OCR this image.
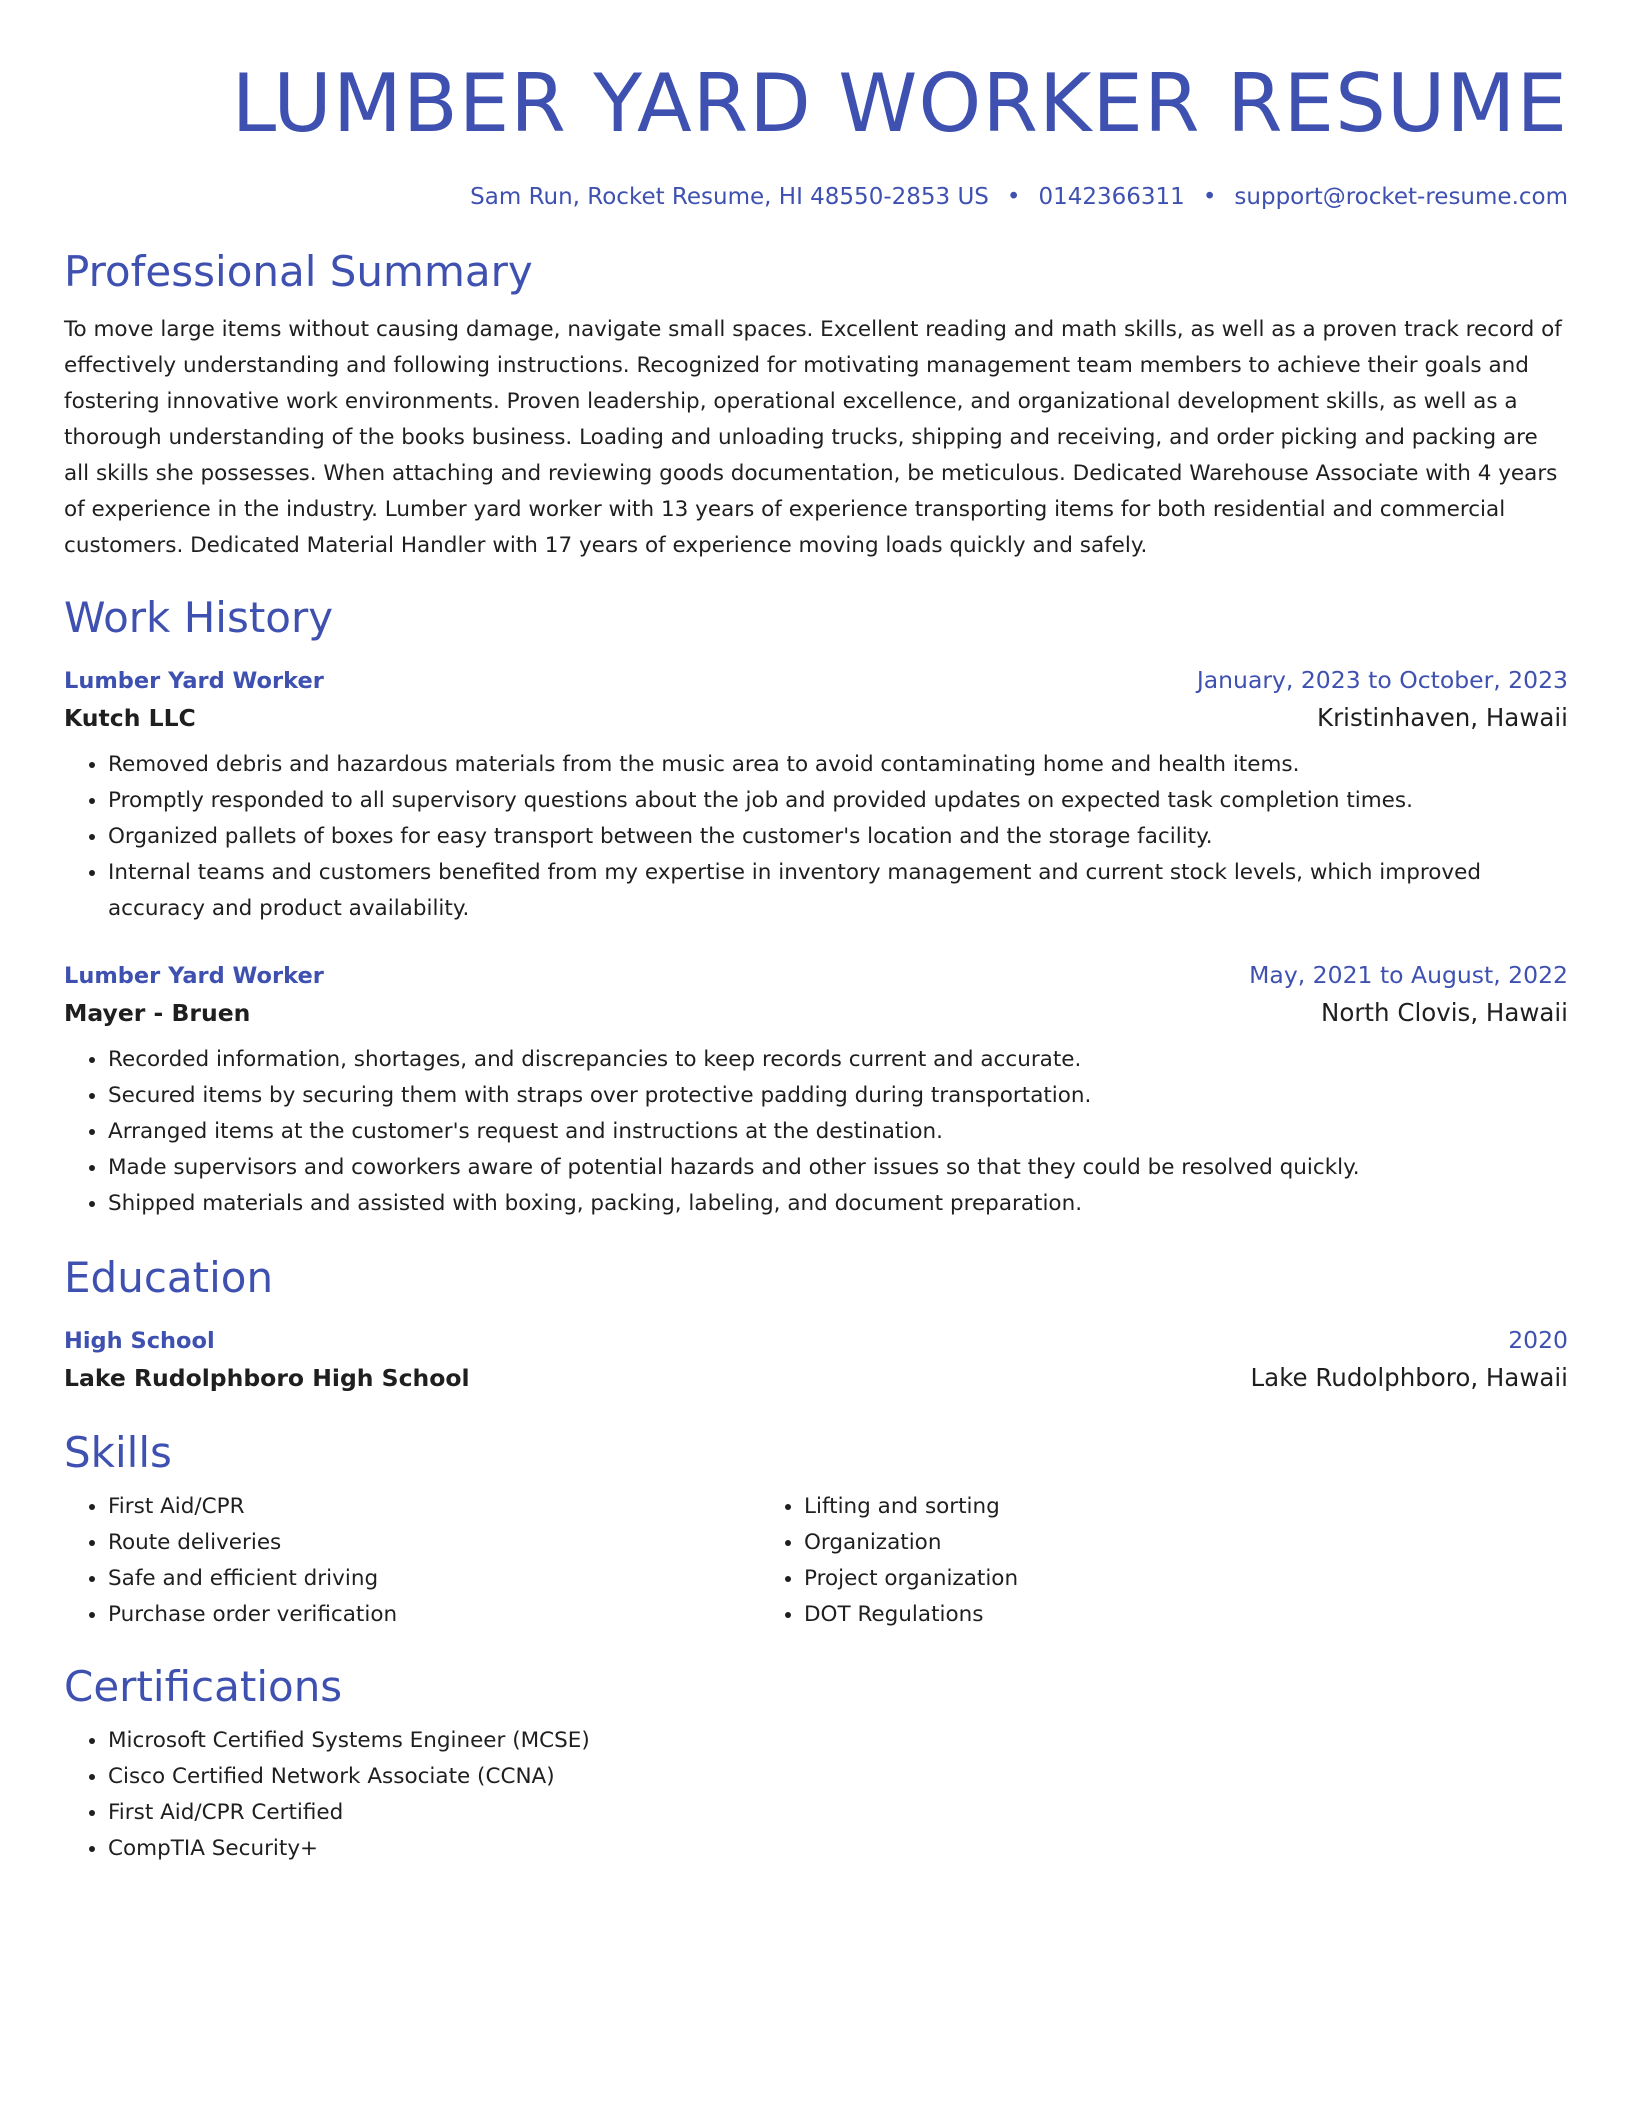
LUMBER YARD WORKER RESUME
Sam Run, Rocket Resume, HI 48550-2853 US • 0142366311 • support@rocket-resume.com
Professional Summary

To move large items without causing damage, navigate small spaces. Excellent reading and math skills, as well as a proven track record of effectively understanding and following instructions. Recognized for motivating management team members to achieve their goals and fostering innovative work environments. Proven leadership, operational excellence, and organizational development skills, as well as a thorough understanding of the books business. Loading and unloading trucks, shipping and receiving, and order picking and packing are all skills she possesses. When attaching and reviewing goods documentation, be meticulous. Dedicated Warehouse Associate with 4 years of experience in the industry. Lumber yard worker with 13 years of experience transporting items for both residential and commercial customers. Dedicated Material Handler with 17 years of experience moving loads quickly and safely.

Work History
Lumber Yard Worker	January, 2023 to October, 2023
Kutch LLC	Kristinhaven, Hawaii
• Removed debris and hazardous materials from the music area to avoid contaminating home and health items.
• Promptly responded to all supervisory questions about the job and provided updates on expected task completion times.
• Organized pallets of boxes for easy transport between the customer's location and the storage facility.
• Internal teams and customers benefited from my expertise in inventory management and current stock levels, which improved accuracy and product availability.
Lumber Yard Worker	May, 2021 to August, 2022
Mayer - Bruen	North Clovis, Hawaii
• Recorded information, shortages, and discrepancies to keep records current and accurate.
• Secured items by securing them with straps over protective padding during transportation.
• Arranged items at the customer's request and instructions at the destination.
• Made supervisors and coworkers aware of potential hazards and other issues so that they could be resolved quickly.
• Shipped materials and assisted with boxing, packing, labeling, and document preparation.
Education
High School	2020
Lake Rudolphboro High School	Lake Rudolphboro, Hawaii
Skills
• First Aid/CPR
• Route deliveries
• Safe and efficient driving
• Purchase order verification
• Lifting and sorting
• Organization
• Project organization
• DOT Regulations
Certifications
• Microsoft Certified Systems Engineer (MCSE)
• Cisco Certified Network Associate (CCNA)
• First Aid/CPR Certified
• CompTIA Security+
